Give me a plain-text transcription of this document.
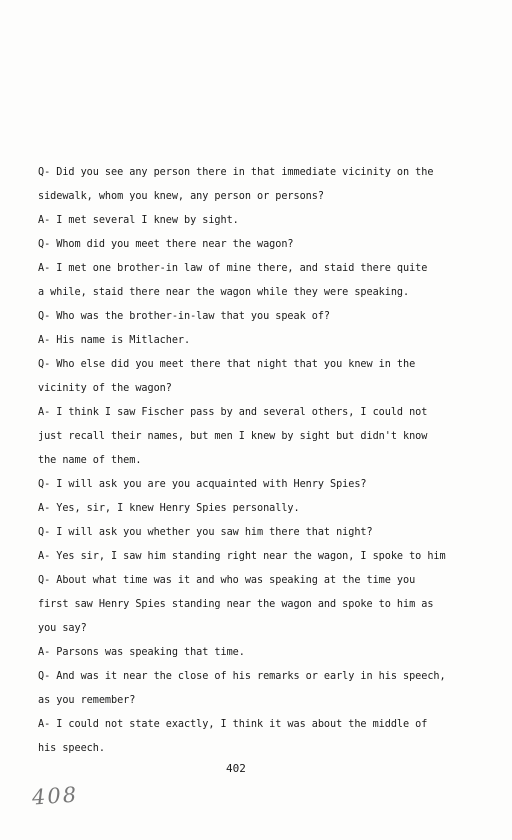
Q- Did you see any person there in that immediate vicinity on the
sidewalk, whom you knew, any person or persons?
A- I met several I knew by sight.
Q- Whom did you meet there near the wagon?
A- I met one brother-in law of mine there, and staid there quite
a while, staid there near the wagon while they were speaking.
Q- Who was the brother-in-law that you speak of?
A- His name is Mitlacher.
Q- Who else did you meet there that night that you knew in the
vicinity of the wagon?
A- I think I saw Fischer pass by and several others, I could not
just recall their names, but men I knew by sight but didn't know
the name of them.
Q- I will ask you are you acquainted with Henry Spies?
A- Yes, sir, I knew Henry Spies personally.
Q- I will ask you whether you saw him there that night?
A- Yes sir, I saw him standing right near the wagon, I spoke to him
Q- About what time was it and who was speaking at the time you
first saw Henry Spies standing near the wagon and spoke to him as
you say?
A- Parsons was speaking that time.
Q- And was it near the close of his remarks or early in his speech,
as you remember?
A- I could not state exactly, I think it was about the middle of
his speech.
402
408
